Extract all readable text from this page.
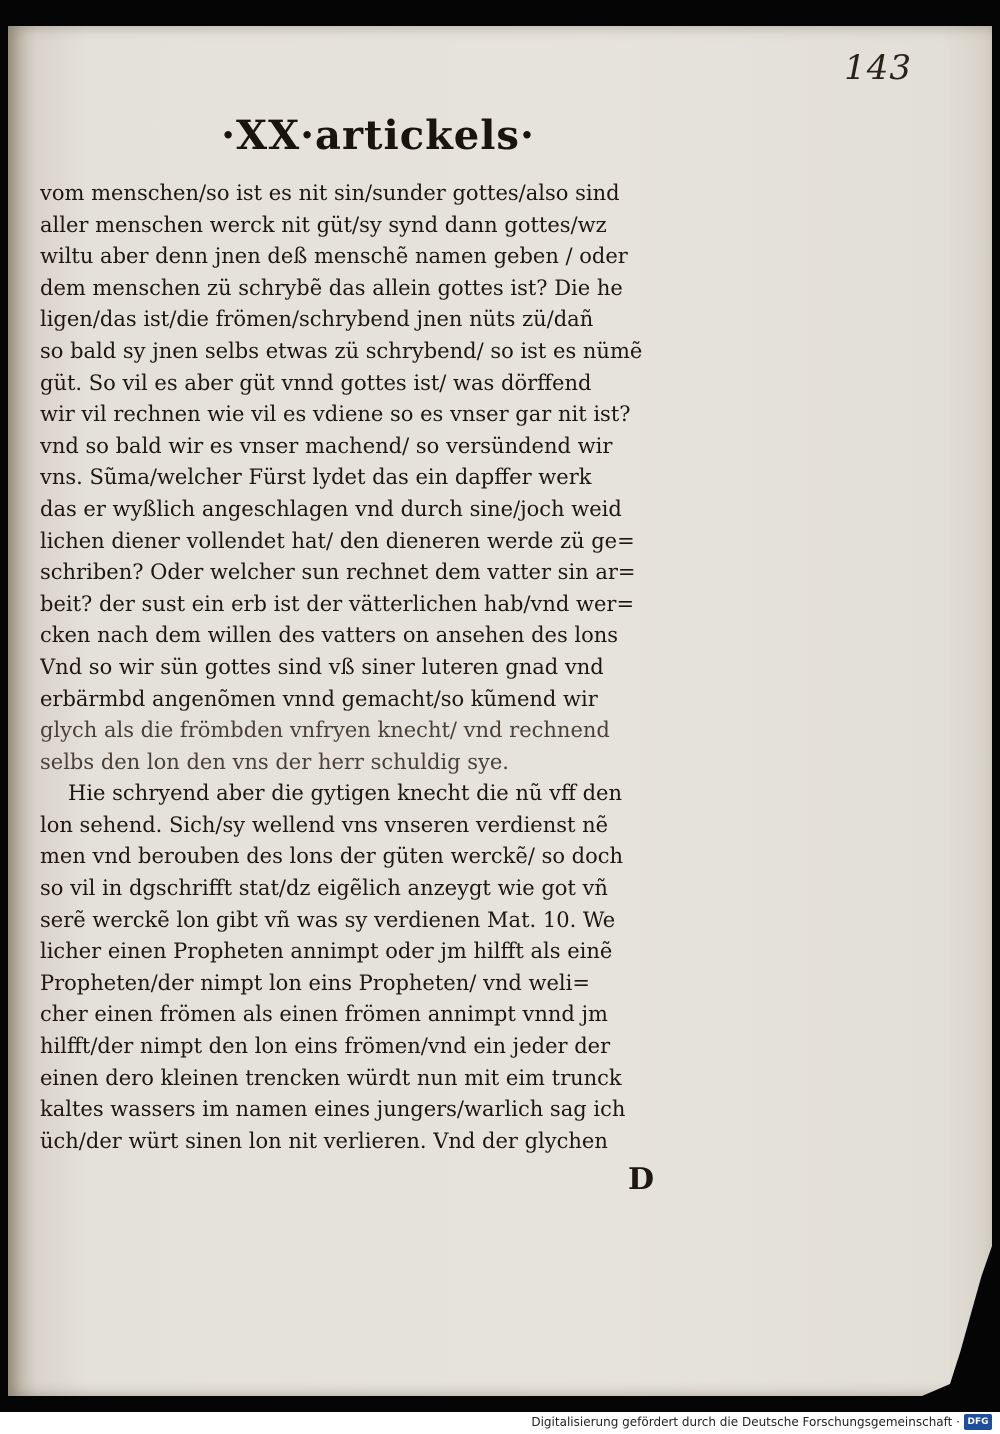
143
·XX·artickels·
vom menschen/so ist es nit sin/sunder gottes/also sind
aller menschen werck nit güt/sy synd dann gottes/wz
wiltu aber denn jnen deß menschẽ namen geben / oder
dem menschen zü schrybẽ das allein gottes ist? Die he
ligen/das ist/die frömen/schrybend jnen nüts zü/dañ
so bald sy jnen selbs etwas zü schrybend/ so ist es nümẽ
güt. So vil es aber güt vnnd gottes ist/ was dörffend
wir vil rechnen wie vil es vdiene so es vnser gar nit ist?
vnd so bald wir es vnser machend/ so versündend wir
vns. Sũma/welcher Fürst lydet das ein dapffer werk
das er wyßlich angeschlagen vnd durch sine/joch weid
lichen diener vollendet hat/ den dieneren werde zü ge=
schriben? Oder welcher sun rechnet dem vatter sin ar=
beit? der sust ein erb ist der vätterlichen hab/vnd wer=
cken nach dem willen des vatters on ansehen des lons
Vnd so wir sün gottes sind vß siner luteren gnad vnd
erbärmbd angenõmen vnnd gemacht/so kũmend wir
glych als die frömbden vnfryen knecht/ vnd rechnend
selbs den lon den vns der herr schuldig sye.
Hie schryend aber die gytigen knecht die nũ vff den
lon sehend. Sich/sy wellend vns vnseren verdienst nẽ
men vnd berouben des lons der güten werckẽ/ so doch
so vil in dgschrifft stat/dz eigẽlich anzeygt wie got vñ
serẽ werckẽ lon gibt vñ was sy verdienen Mat. 10. We
licher einen Propheten annimpt oder jm hilfft als einẽ
Propheten/der nimpt lon eins Propheten/ vnd weli=
cher einen frömen als einen frömen annimpt vnnd jm
hilfft/der nimpt den lon eins frömen/vnd ein jeder der
einen dero kleinen trencken würdt nun mit eim trunck
kaltes wassers im namen eines jungers/warlich sag ich
üch/der würt sinen lon nit verlieren. Vnd der glychen
D
Digitalisierung gefördert durch die Deutsche Forschungsgemeinschaft · DFG
